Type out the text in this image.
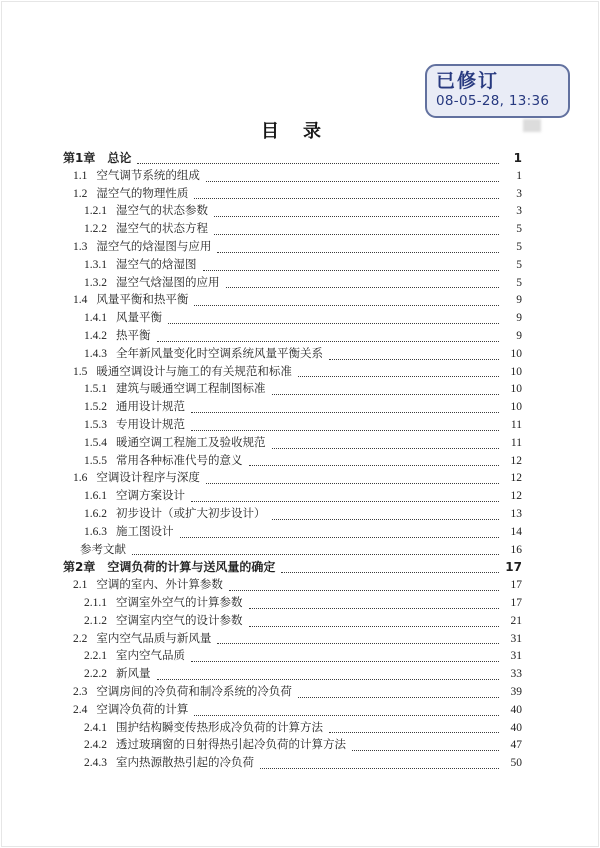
已修订
08-05-28, 13:36
目　录
第1章 总论	1
1.1 空气调节系统的组成	1
1.2 湿空气的物理性质	3
1.2.1 湿空气的状态参数	3
1.2.2 湿空气的状态方程	5
1.3 湿空气的焓湿图与应用	5
1.3.1 湿空气的焓湿图	5
1.3.2 湿空气焓湿图的应用	5
1.4 风量平衡和热平衡	9
1.4.1 风量平衡	9
1.4.2 热平衡	9
1.4.3 全年新风量变化时空调系统风量平衡关系	10
1.5 暖通空调设计与施工的有关规范和标准	10
1.5.1 建筑与暖通空调工程制图标准	10
1.5.2 通用设计规范	10
1.5.3 专用设计规范	11
1.5.4 暖通空调工程施工及验收规范	11
1.5.5 常用各种标准代号的意义	12
1.6 空调设计程序与深度	12
1.6.1 空调方案设计	12
1.6.2 初步设计（或扩大初步设计）	13
1.6.3 施工图设计	14
参考文献	16
第2章 空调负荷的计算与送风量的确定	17
2.1 空调的室内、外计算参数	17
2.1.1 空调室外空气的计算参数	17
2.1.2 空调室内空气的设计参数	21
2.2 室内空气品质与新风量	31
2.2.1 室内空气品质	31
2.2.2 新风量	33
2.3 空调房间的冷负荷和制冷系统的冷负荷	39
2.4 空调冷负荷的计算	40
2.4.1 围护结构瞬变传热形成冷负荷的计算方法	40
2.4.2 透过玻璃窗的日射得热引起冷负荷的计算方法	47
2.4.3 室内热源散热引起的冷负荷	50
